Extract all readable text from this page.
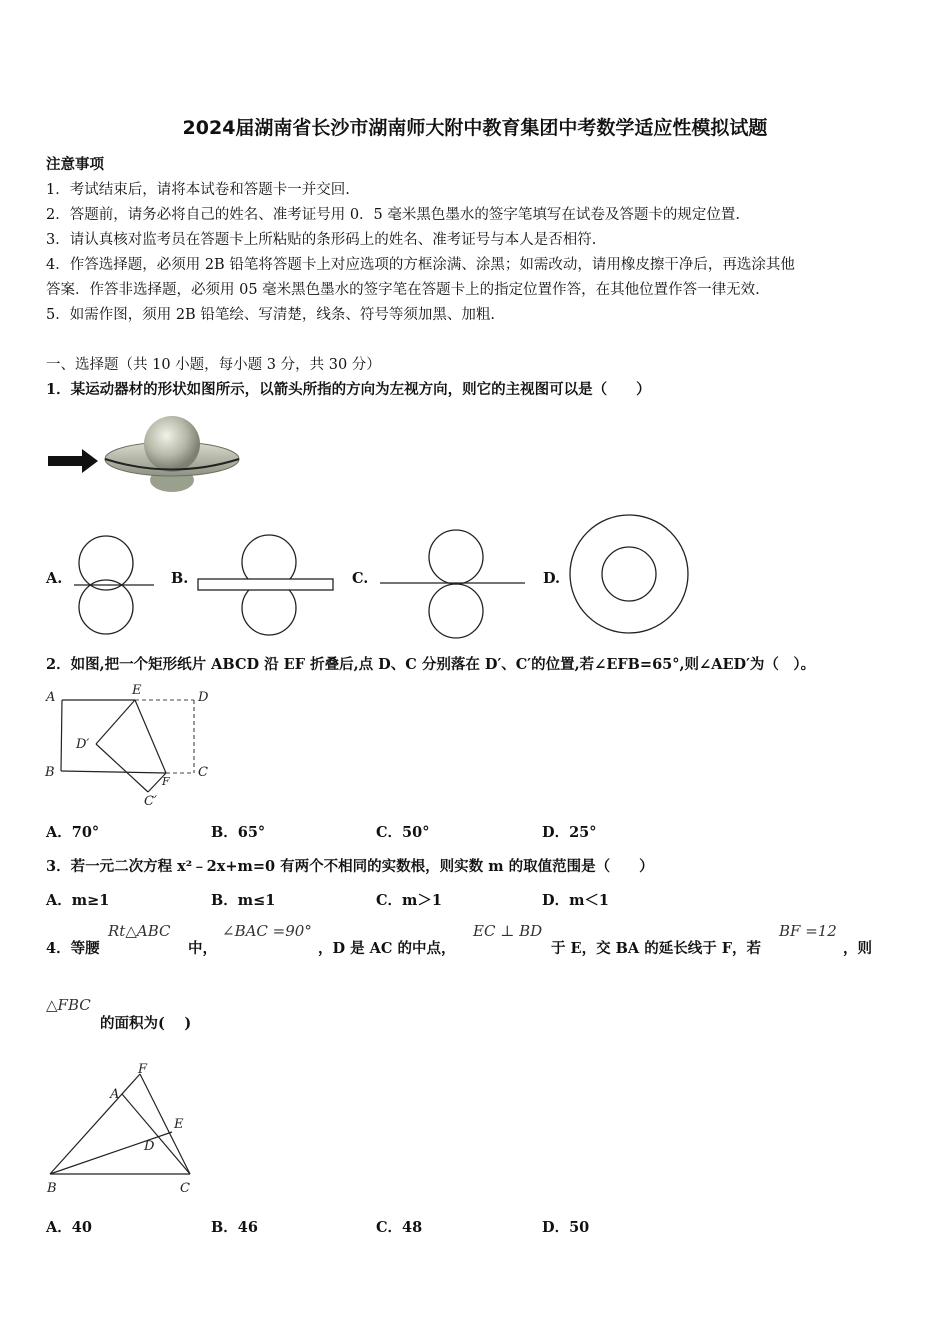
2024届湖南省长沙市湖南师大附中教育集团中考数学适应性模拟试题
注意事项
1．考试结束后，请将本试卷和答题卡一并交回.
2．答题前，请务必将自己的姓名、准考证号用 0．5 毫米黑色墨水的签字笔填写在试卷及答题卡的规定位置.
3．请认真核对监考员在答题卡上所粘贴的条形码上的姓名、准考证号与本人是否相符.
4．作答选择题，必须用 2B 铅笔将答题卡上对应选项的方框涂满、涂黑；如需改动，请用橡皮擦干净后，再选涂其他
答案．作答非选择题，必须用 05 毫米黑色墨水的签字笔在答题卡上的指定位置作答，在其他位置作答一律无效.
5．如需作图，须用 2B 铅笔绘、写清楚，线条、符号等须加黑、加粗.
一、选择题（共 10 小题，每小题 3 分，共 30 分）
1．某运动器材的形状如图所示，以箭头所指的方向为左视方向，则它的主视图可以是（　　）
A.	B.	C.	D.
2．如图,把一个矩形纸片 ABCD 沿 EF 折叠后,点 D、C 分别落在 D′、C′的位置,若∠EFB=65°,则∠AED′为（　）。
A	E	D
D′
B	C
F
C′
A．70°	B．65°	C．50°	D．25°
3．若一元二次方程 x²﹣2x+m=0 有两个不相同的实数根，则实数 m 的取值范围是（　　）
A．m≥1	B．m≤1	C．m＞1	D．m＜1
4．等腰
Rt△ABC
中，
∠BAC =90°
，D 是 AC 的中点，
EC ⊥ BD
于 E，交 BA 的延长线于 F，若
BF =12
，则
△FBC
的面积为(　 )
F
A
E
D
B	C
A．40	B．46	C．48	D．50
